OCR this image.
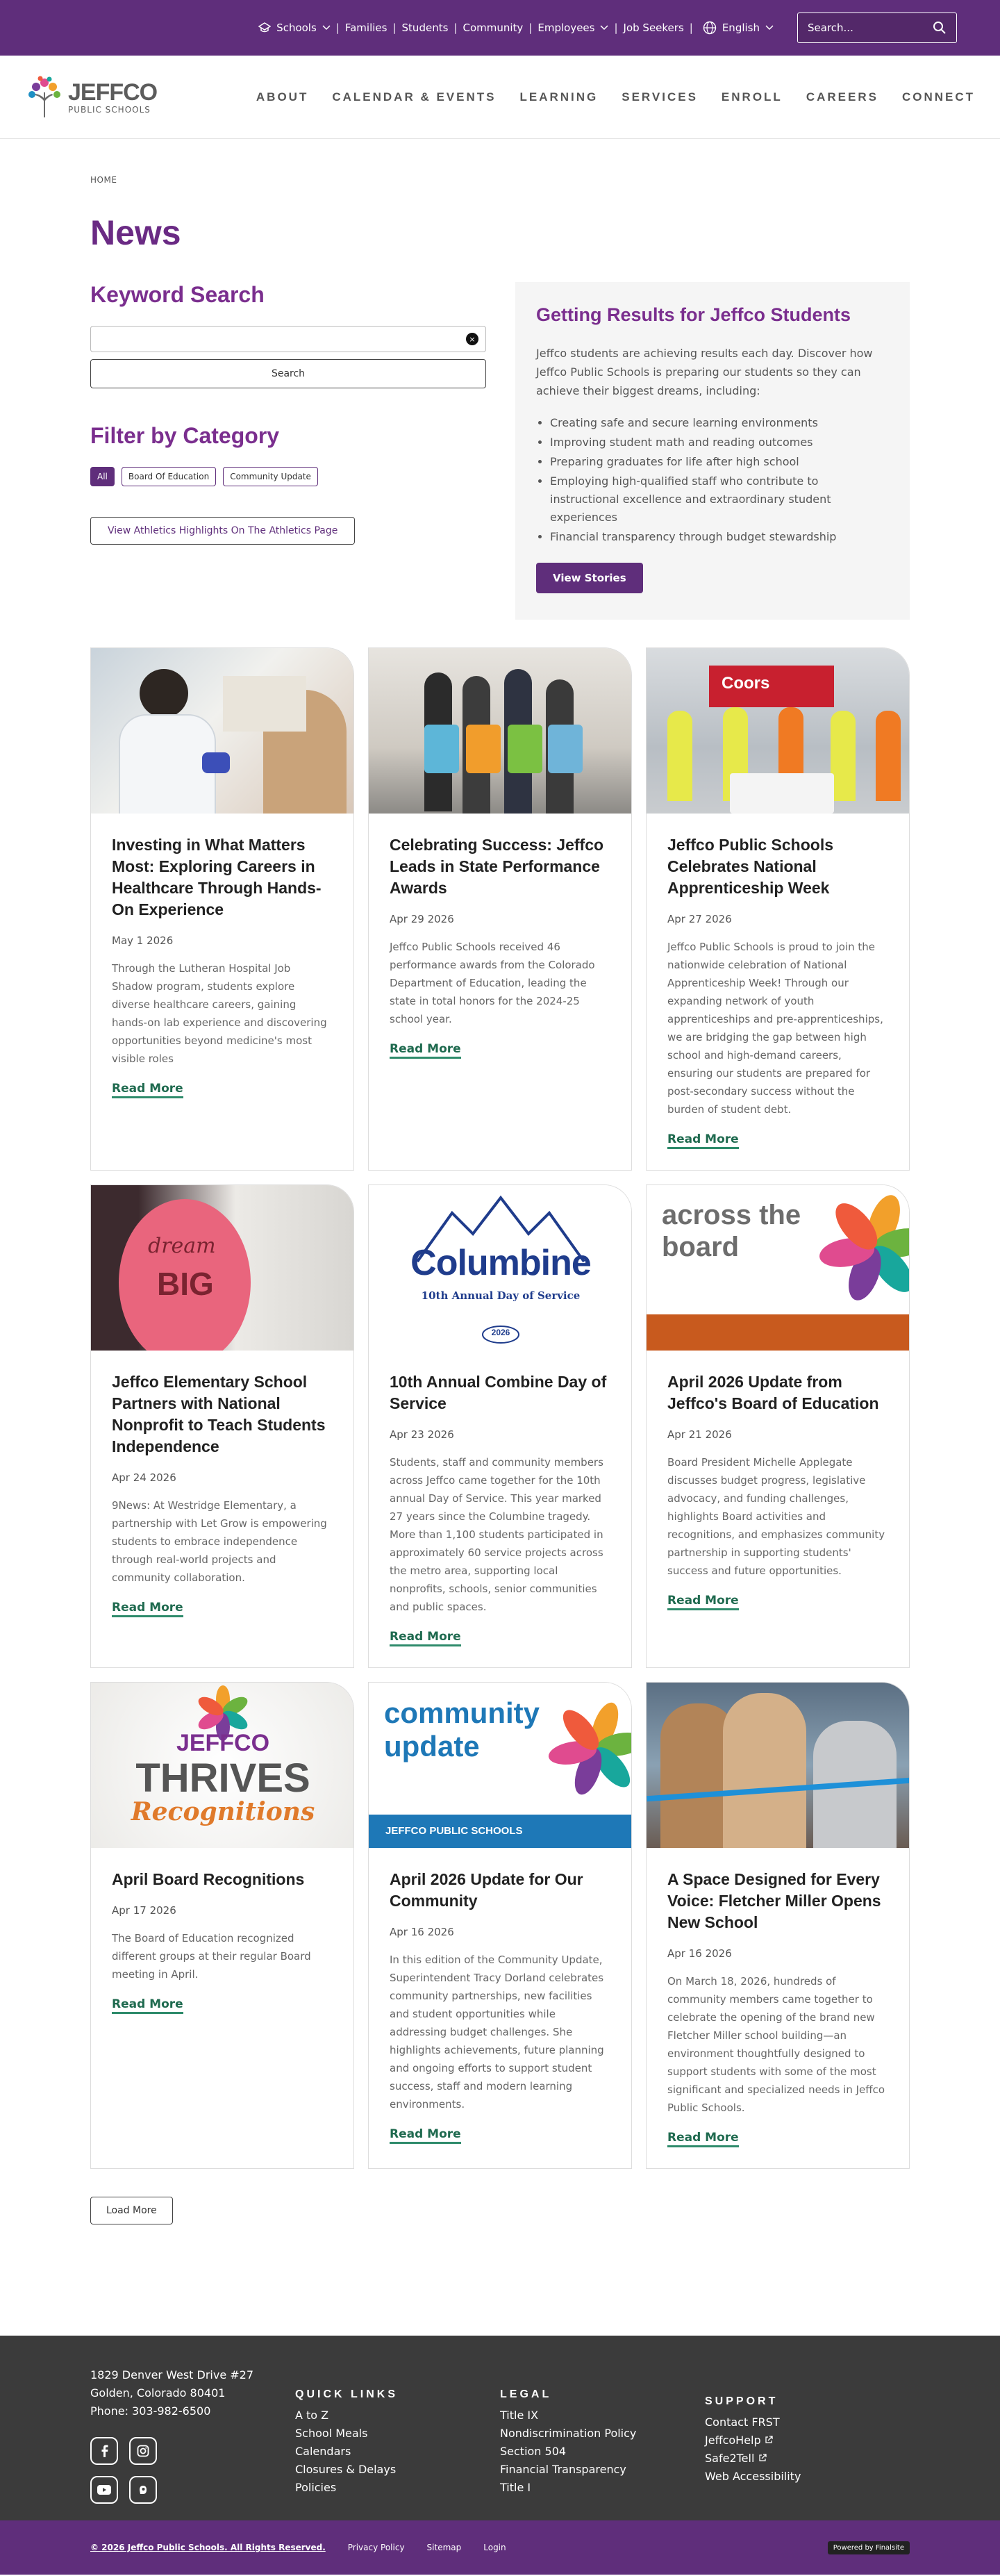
Schools | Families | Students | Community | Employees | Job Seekers |	English
Search...
JEFFCO
PUBLIC SCHOOLS
ABOUT CALENDAR & EVENTS LEARNING SERVICES ENROLL CAREERS CONNECT
HOME
News
Keyword Search
×
Search
Filter by Category
All	Board Of Education	Community Update
View Athletics Highlights On The Athletics Page
Getting Results for Jeffco Students

Jeffco students are achieving results each day. Discover how Jeffco Public Schools is preparing our students so they can achieve their biggest dreams, including:

• Creating safe and secure learning environments
• Improving student math and reading outcomes
• Preparing graduates for life after high school
• Employing high-qualified staff who contribute to instructional excellence and extraordinary student experiences
• Financial transparency through budget stewardship
View Stories
Investing in What Matters Most: Exploring Careers in Healthcare Through Hands-On Experience
May 1 2026

Through the Lutheran Hospital Job Shadow program, students explore diverse healthcare careers, gaining hands-on lab experience and discovering opportunities beyond medicine's most visible roles

Read More
Celebrating Success: Jeffco Leads in State Performance Awards
Apr 29 2026

Jeffco Public Schools received 46 performance awards from the Colorado Department of Education, leading the state in total honors for the 2024-25 school year.

Read More
Coors
Jeffco Public Schools Celebrates National Apprenticeship Week
Apr 27 2026

Jeffco Public Schools is proud to join the nationwide celebration of National Apprenticeship Week! Through our expanding network of youth apprenticeships and pre-apprenticeships, we are bridging the gap between high school and high-demand careers, ensuring our students are prepared for post-secondary success without the burden of student debt.

Read More
dream
BIG
Jeffco Elementary School Partners with National Nonprofit to Teach Students Independence
Apr 24 2026

9News: At Westridge Elementary, a partnership with Let Grow is empowering students to embrace independence through real-world projects and community collaboration.

Read More
Columbine
10th Annual Day of Service
2026
10th Annual Combine Day of Service
Apr 23 2026

Students, staff and community members across Jeffco came together for the 10th annual Day of Service. This year marked 27 years since the Columbine tragedy. More than 1,100 students participated in approximately 60 service projects across the metro area, supporting local nonprofits, schools, senior communities and public spaces.

Read More
across the
board
April 2026 Update from Jeffco's Board of Education
Apr 21 2026

Board President Michelle Applegate discusses budget progress, legislative advocacy, and funding challenges, highlights Board activities and recognitions, and emphasizes community partnership in supporting students' success and future opportunities.

Read More
JEFFCO
THRIVES
Recognitions
April Board Recognitions
Apr 17 2026

The Board of Education recognized different groups at their regular Board meeting in April.

Read More
community
update
JEFFCO PUBLIC SCHOOLS
April 2026 Update for Our Community
Apr 16 2026

In this edition of the Community Update, Superintendent Tracy Dorland celebrates community partnerships, new facilities and student opportunities while addressing budget challenges. She highlights achievements, future planning and ongoing efforts to support student success, staff and modern learning environments.

Read More
A Space Designed for Every Voice: Fletcher Miller Opens New School
Apr 16 2026

On March 18, 2026, hundreds of community members came together to celebrate the opening of the brand new Fletcher Miller school building—an environment thoughtfully designed to support students with some of the most significant and specialized needs in Jeffco Public Schools.

Read More
Load More
1829 Denver West Drive #27
Golden, Colorado 80401
Phone: 303-982-6500
QUICK LINKS
A to Z
School Meals
Calendars
Closures & Delays
Policies
LEGAL
Title IX
Nondiscrimination Policy
Section 504
Financial Transparency
Title I
SUPPORT
Contact FRST
JeffcoHelp
Safe2Tell
Web Accessibility
© 2026 Jeffco Public Schools. All Rights Reserved.	Privacy Policy	Sitemap	Login	Powered by Finalsite
